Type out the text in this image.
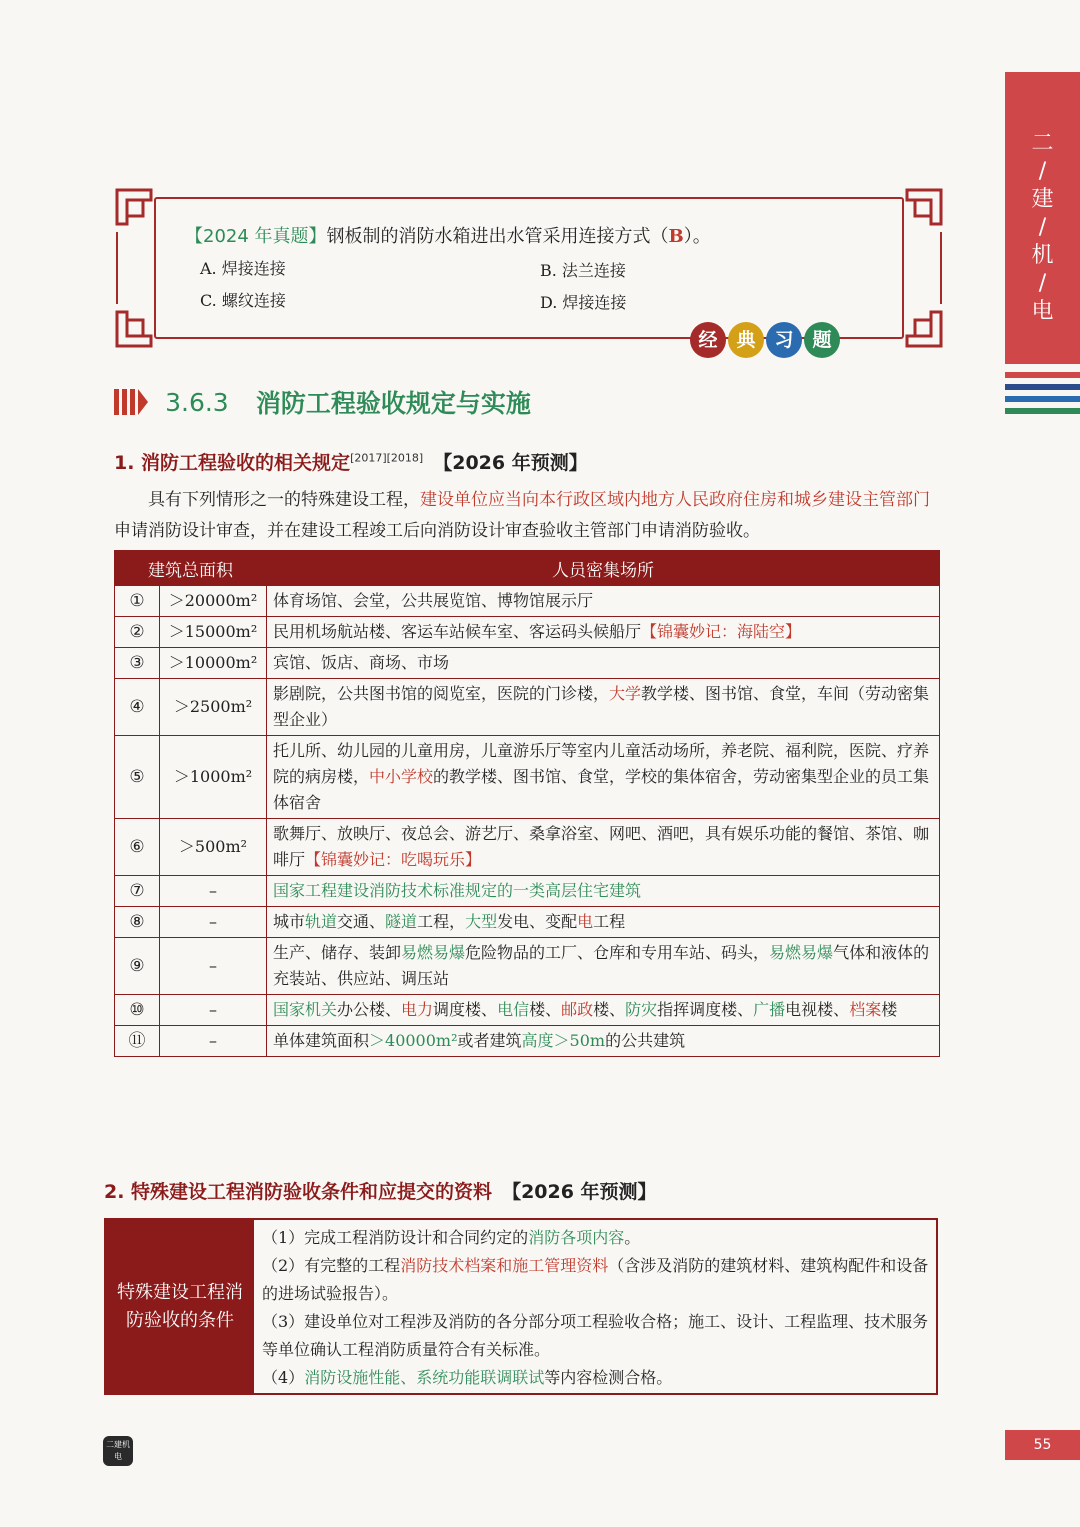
二
/
建
/
机
/
电
【2024 年真题】钢板制的消防水箱进出水管采用连接方式（B）。
A. 焊接连接	B. 法兰连接
C. 螺纹连接	D. 焊接连接
经 典 习 题
3.6.3 消防工程验收规定与实施
1. 消防工程验收的相关规定[2017][2018] 【2026 年预测】
具有下列情形之一的特殊建设工程，建设单位应当向本行政区域内地方人民政府住房和城乡建设主管部门申请消防设计审查，并在建设工程竣工后向消防设计审查验收主管部门申请消防验收。
建筑总面积		人员密集场所
①	＞20000m²	体育场馆、会堂，公共展览馆、博物馆展示厅
②	＞15000m²	民用机场航站楼、客运车站候车室、客运码头候船厅【锦囊妙记：海陆空】
③	＞10000m²	宾馆、饭店、商场、市场
④	＞2500m²	影剧院，公共图书馆的阅览室，医院的门诊楼，大学教学楼、图书馆、食堂，车间（劳动密集型企业）
⑤	＞1000m²	托儿所、幼儿园的儿童用房，儿童游乐厅等室内儿童活动场所，养老院、福利院，医院、疗养院的病房楼，中小学校的教学楼、图书馆、食堂，学校的集体宿舍，劳动密集型企业的员工集体宿舍
⑥	＞500m²	歌舞厅、放映厅、夜总会、游艺厅、桑拿浴室、网吧、酒吧，具有娱乐功能的餐馆、茶馆、咖啡厅【锦囊妙记：吃喝玩乐】
⑦	–	国家工程建设消防技术标准规定的一类高层住宅建筑
⑧	–	城市轨道交通、隧道工程，大型发电、变配电工程
⑨	–	生产、储存、装卸易燃易爆危险物品的工厂、仓库和专用车站、码头，易燃易爆气体和液体的充装站、供应站、调压站
⑩	–	国家机关办公楼、电力调度楼、电信楼、邮政楼、防灾指挥调度楼、广播电视楼、档案楼
⑪	–	单体建筑面积＞40000m²或者建筑高度＞50m的公共建筑
2. 特殊建设工程消防验收条件和应提交的资料 【2026 年预测】
特殊建设工程消防验收的条件
（1）完成工程消防设计和合同约定的消防各项内容。
（2）有完整的工程消防技术档案和施工管理资料（含涉及消防的建筑材料、建筑构配件和设备的进场试验报告）。
（3）建设单位对工程涉及消防的各分部分项工程验收合格；施工、设计、工程监理、技术服务等单位确认工程消防质量符合有关标准。
（4）消防设施性能、系统功能联调联试等内容检测合格。
二建机电
55
